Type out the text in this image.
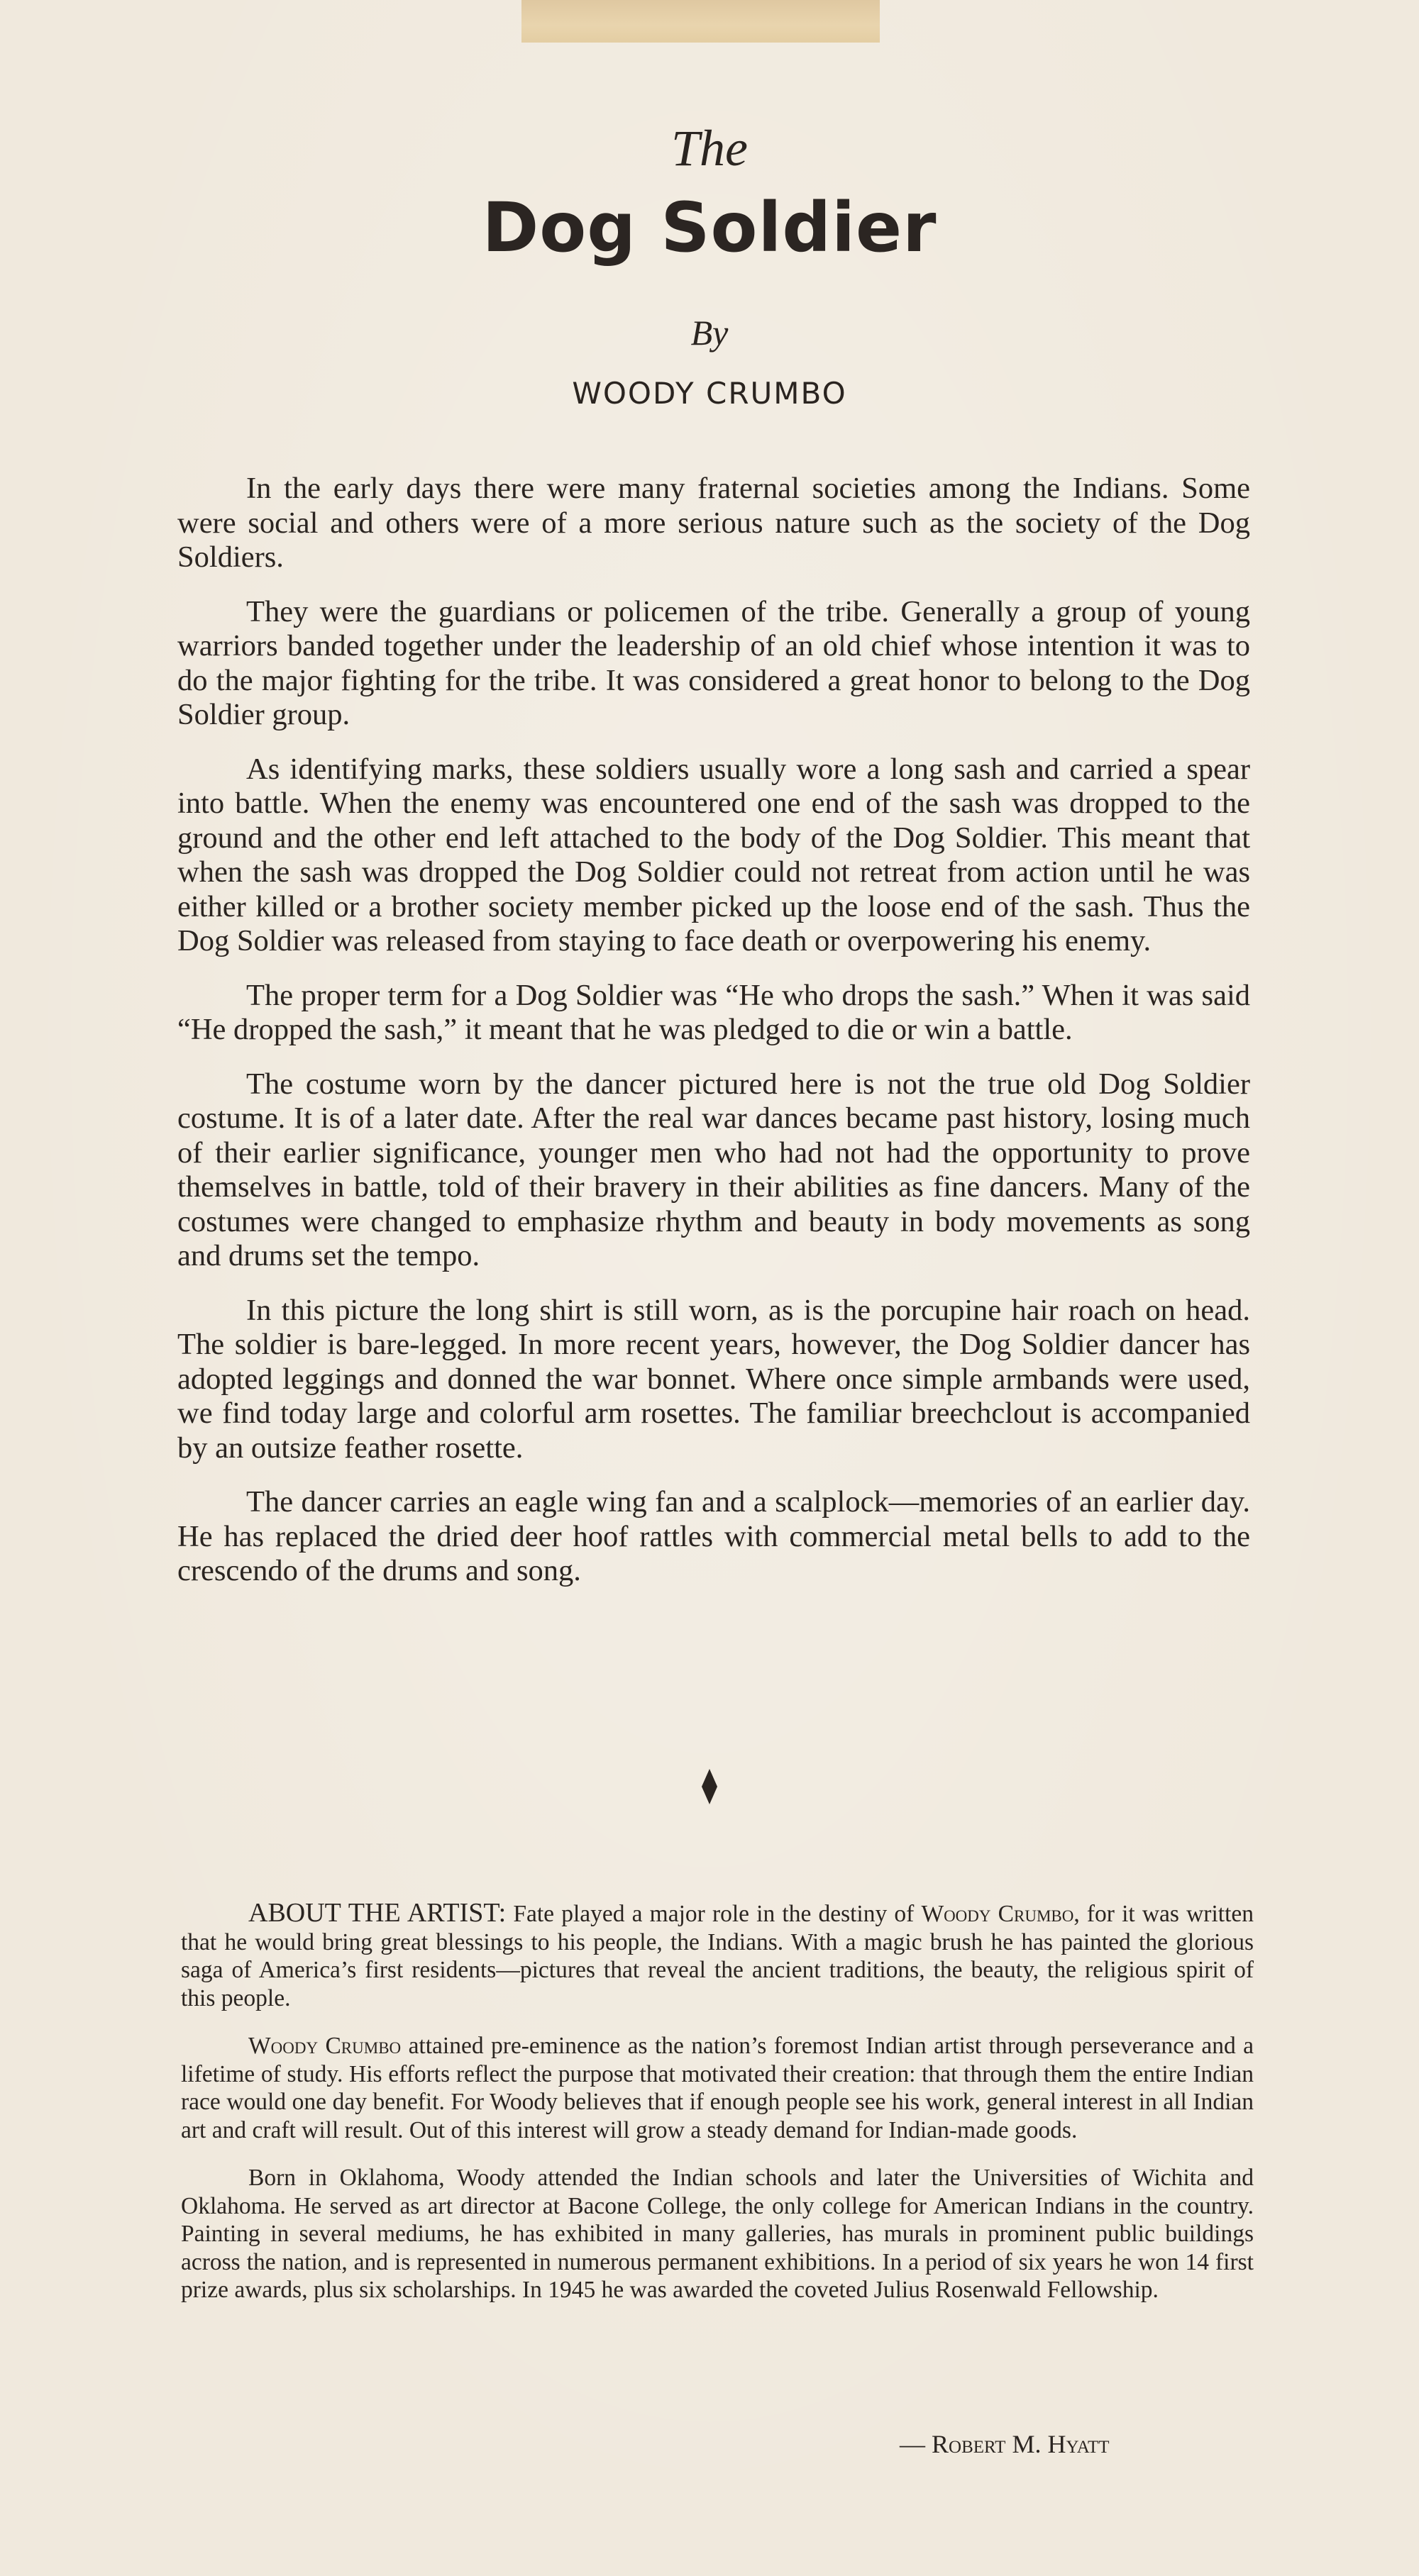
The
Dog Soldier
By
WOODY CRUMBO

In the early days there were many fraternal societies among the Indians. Some were social and others were of a more serious nature such as the society of the Dog Soldiers.

They were the guardians or policemen of the tribe. Generally a group of young warriors banded together under the leadership of an old chief whose intention it was to do the major fighting for the tribe. It was considered a great honor to belong to the Dog Soldier group.

As identifying marks, these soldiers usually wore a long sash and carried a spear into battle. When the enemy was encountered one end of the sash was dropped to the ground and the other end left attached to the body of the Dog Soldier. This meant that when the sash was dropped the Dog Soldier could not retreat from action until he was either killed or a brother society member picked up the loose end of the sash. Thus the Dog Soldier was released from staying to face death or overpowering his enemy.

The proper term for a Dog Soldier was “He who drops the sash.” When it was said “He dropped the sash,” it meant that he was pledged to die or win a battle.

The costume worn by the dancer pictured here is not the true old Dog Soldier costume. It is of a later date. After the real war dances became past history, losing much of their earlier significance, younger men who had not had the opportunity to prove themselves in battle, told of their bravery in their abilities as fine dancers. Many of the costumes were changed to emphasize rhythm and beauty in body movements as song and drums set the tempo.

In this picture the long shirt is still worn, as is the porcupine hair roach on head. The soldier is bare-legged. In more recent years, however, the Dog Soldier dancer has adopted leggings and donned the war bonnet. Where once simple armbands were used, we find today large and colorful arm rosettes. The familiar breechclout is accompanied by an outsize feather rosette.

The dancer carries an eagle wing fan and a scalplock—memories of an earlier day. He has replaced the dried deer hoof rattles with commercial metal bells to add to the crescendo of the drums and song.

ABOUT THE ARTIST: Fate played a major role in the destiny of Woody Crumbo, for it was written that he would bring great blessings to his people, the Indians. With a magic brush he has painted the glorious saga of America’s first residents—pictures that reveal the ancient traditions, the beauty, the religious spirit of this people.

Woody Crumbo attained pre-eminence as the nation’s foremost Indian artist through perseverance and a lifetime of study. His efforts reflect the purpose that motivated their creation: that through them the entire Indian race would one day benefit. For Woody believes that if enough people see his work, general interest in all Indian art and craft will result. Out of this interest will grow a steady demand for Indian-made goods.

Born in Oklahoma, Woody attended the Indian schools and later the Universities of Wichita and Oklahoma. He served as art director at Bacone College, the only college for American Indians in the country. Painting in several mediums, he has exhibited in many galleries, has murals in prominent public buildings across the nation, and is represented in numerous permanent exhibitions. In a period of six years he won 14 first prize awards, plus six scholarships. In 1945 he was awarded the coveted Julius Rosenwald Fellowship.

— Robert M. Hyatt
